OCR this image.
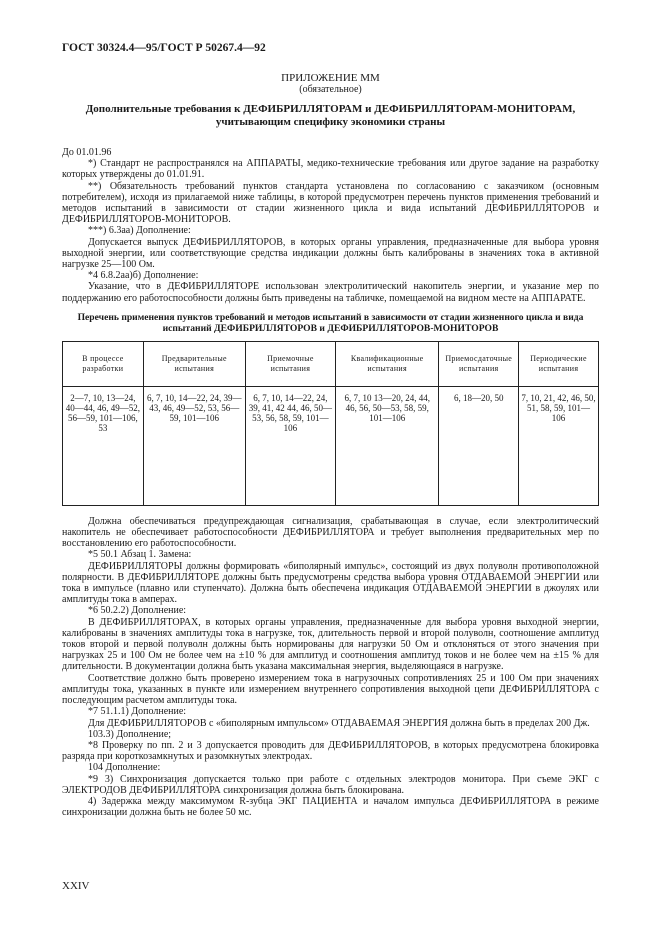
ГОСТ 30324.4—95/ГОСТ Р 50267.4—92
ПРИЛОЖЕНИЕ ММ
(обязательное)
Дополнительные требования к ДЕФИБРИЛЛЯТОРАМ и ДЕФИБРИЛЛЯТОРАМ-МОНИТОРАМ, учитывающим специфику экономики страны

До 01.01.96

*) Стандарт не распространялся на АППАРАТЫ, медико-технические требования или другое задание на разработку которых утверждены до 01.01.91.

**) Обязательность требований пунктов стандарта установлена по согласованию с заказчиком (основным потребителем), исходя из прилагаемой ниже таблицы, в которой предусмотрен перечень пунктов применения требований и методов испытаний в зависимости от стадии жизненного цикла и вида испытаний ДЕФИБРИЛЛЯТОРОВ и ДЕФИБРИЛЛЯТОРОВ-МОНИТОРОВ.

***) 6.3аа) Дополнение:

Допускается выпуск ДЕФИБРИЛЛЯТОРОВ, в которых органы управления, предназначенные для выбора уровня выходной энергии, или соответствующие средства индикации должны быть калиброваны в значениях тока в активной нагрузке 25—100 Ом.

*4 6.8.2аа)б) Дополнение:

Указание, что в ДЕФИБРИЛЛЯТОРЕ использован электролитический накопитель энергии, и указание мер по поддержанию его работоспособности должны быть приведены на табличке, помещаемой на видном месте на АППАРАТЕ.

Перечень применения пунктов требований и методов испытаний в зависимости от стадии жизненного цикла и вида испытаний ДЕФИБРИЛЛЯТОРОВ и ДЕФИБРИЛЛЯТОРОВ-МОНИТОРОВ
В процессе разработки	Предварительные испытания	Приемочные испытания	Квалификационные испытания	Приемосдаточные испытания	Периодические испытания
2—7, 10, 13—24, 40—44, 46, 49—52, 56—59, 101—106, 53	6, 7, 10, 14—22, 24, 39—43, 46, 49—52, 53, 56—59, 101—106	6, 7, 10, 14—22, 24, 39, 41, 42 44, 46, 50—53, 56, 58, 59, 101—106	6, 7, 10 13—20, 24, 44, 46, 56, 50—53, 58, 59, 101—106	6, 18—20, 50	7, 10, 21, 42, 46, 50, 51, 58, 59, 101—106

Должна обеспечиваться предупреждающая сигнализация, срабатывающая в случае, если электролитический накопитель не обеспечивает работоспособности ДЕФИБРИЛЛЯТОРА и требует выполнения предварительных мер по восстановлению его работоспособности.

*5 50.1 Абзац 1. Замена:

ДЕФИБРИЛЛЯТОРЫ должны формировать «биполярный импульс», состоящий из двух полуволн противоположной полярности. В ДЕФИБРИЛЛЯТОРЕ должны быть предусмотрены средства выбора уровня ОТДАВАЕМОЙ ЭНЕРГИИ или тока в импульсе (плавно или ступенчато). Должна быть обеспечена индикация ОТДАВАЕМОЙ ЭНЕРГИИ в джоулях или амплитуды тока в амперах.

*6 50.2.2) Дополнение:

В ДЕФИБРИЛЛЯТОРАХ, в которых органы управления, предназначенные для выбора уровня выходной энергии, калиброваны в значениях амплитуды тока в нагрузке, ток, длительность первой и второй полуволн, соотношение амплитуд токов второй и первой полуволн должны быть нормированы для нагрузки 50 Ом и отклоняться от этого значения при нагрузках 25 и 100 Ом не более чем на ±10 % для амплитуд и соотношения амплитуд токов и не более чем на ±15 % для длительности. В документации должна быть указана максимальная энергия, выделяющаяся в нагрузке.

Соответствие должно быть проверено измерением тока в нагрузочных сопротивлениях 25 и 100 Ом при значениях амплитуды тока, указанных в пункте или измерением внутреннего сопротивления выходной цепи ДЕФИБРИЛЛЯТОРА с последующим расчетом амплитуды тока.

*7 51.1.1) Дополнение:

Для ДЕФИБРИЛЛЯТОРОВ с «биполярным импульсом» ОТДАВАЕМАЯ ЭНЕРГИЯ должна быть в пределах 200 Дж.

103.3) Дополнение;

*8 Проверку по пп. 2 и 3 допускается проводить для ДЕФИБРИЛЛЯТОРОВ, в которых предусмотрена блокировка разряда при короткозамкнутых и разомкнутых электродах.

104 Дополнение:

*9 3) Синхронизация допускается только при работе с отдельных электродов монитора. При съеме ЭКГ с ЭЛЕКТРОДОВ ДЕФИБРИЛЛЯТОРА синхронизация должна быть блокирована.

4) Задержка между максимумом R-зубца ЭКГ ПАЦИЕНТА и началом импульса ДЕФИБРИЛЛЯТОРА в режиме синхронизации должна быть не более 50 мс.

XXIV
